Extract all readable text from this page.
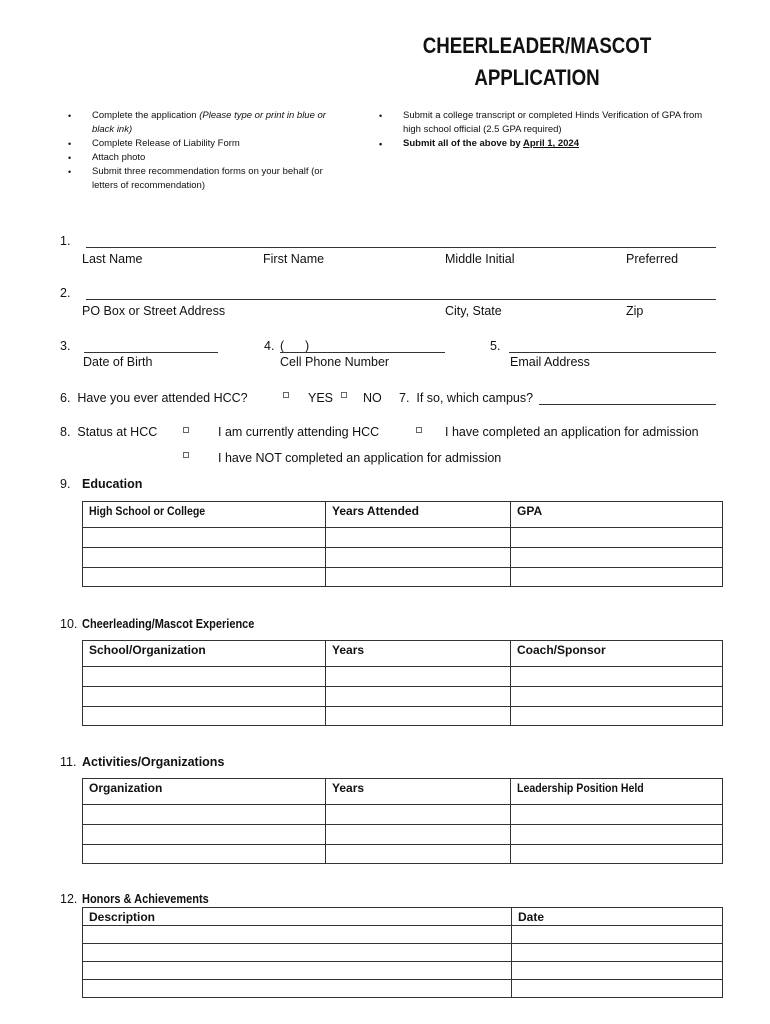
CHEERLEADER/MASCOT
APPLICATION
• Complete the application (Please type or print in blue or black ink)
• Complete Release of Liability Form
• Attach photo
• Submit three recommendation forms on your behalf (or letters of recommendation)
• Submit a college transcript or completed Hinds Verification of GPA from high school official (2.5 GPA required)
• Submit all of the above by April 1, 2024
1.
Last Name	First Name	Middle Initial	Preferred
2.
PO Box or Street Address	City, State	Zip
3.
Date of Birth
4. (      )
Cell Phone Number
5.
Email Address
6.  Have you ever attended HCC?	YES NO 7.  If so, which campus?
8.  Status at HCC	I am currently attending HCC	I have completed an application for admission
I have NOT completed an application for admission
9. Education
High School or College	Years Attended	GPA

10. Cheerleading/Mascot Experience
School/Organization	Years	Coach/Sponsor

11. Activities/Organizations
Organization	Years	Leadership Position Held

12. Honors & Achievements
Description	Date
